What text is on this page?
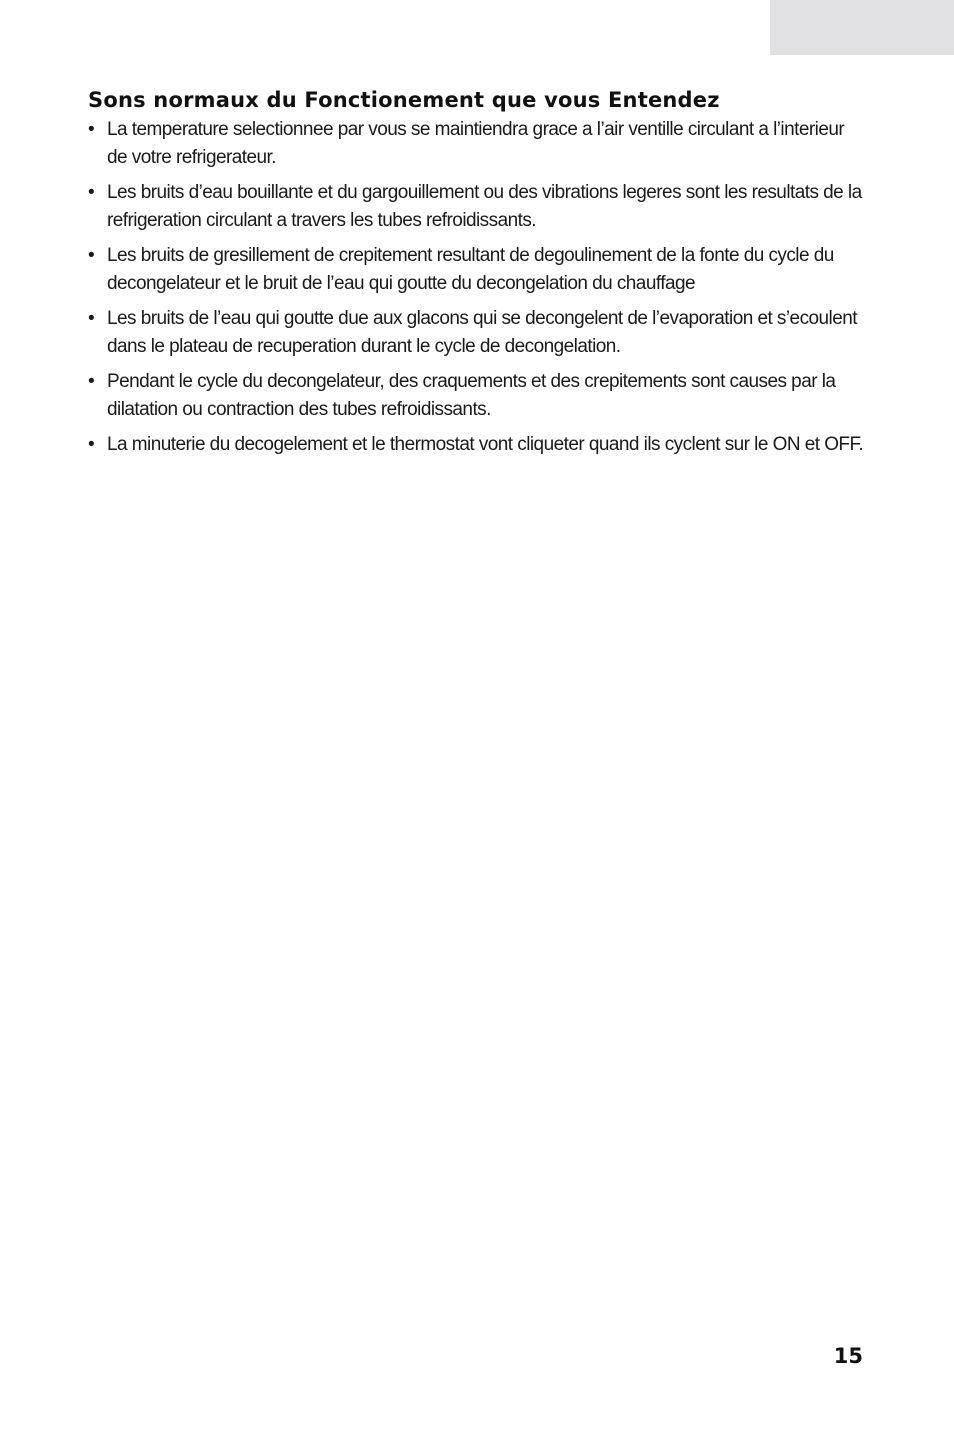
Sons normaux du Fonctionement que vous Entendez
• La temperature selectionnee par vous se maintiendra grace a l’air ventille circulant a l’interieur de votre refrigerateur.
• Les bruits d’eau bouillante et du gargouillement ou des vibrations legeres sont les resultats de la refrigeration circulant a travers les tubes refroidissants.
• Les bruits de gresillement de crepitement resultant de degoulinement de la fonte du cycle du decongelateur et le bruit de l’eau qui goutte du decongelation du chauffage
• Les bruits de l’eau qui goutte due aux glacons qui se decongelent de l’evaporation et s’ecoulent dans le plateau de recuperation durant le cycle de decongelation.
• Pendant le cycle du decongelateur, des craquements et des crepitements sont causes par la dilatation ou contraction des tubes refroidissants.
• La minuterie du decogelement et le thermostat vont cliqueter quand ils cyclent sur le ON et OFF.
15
